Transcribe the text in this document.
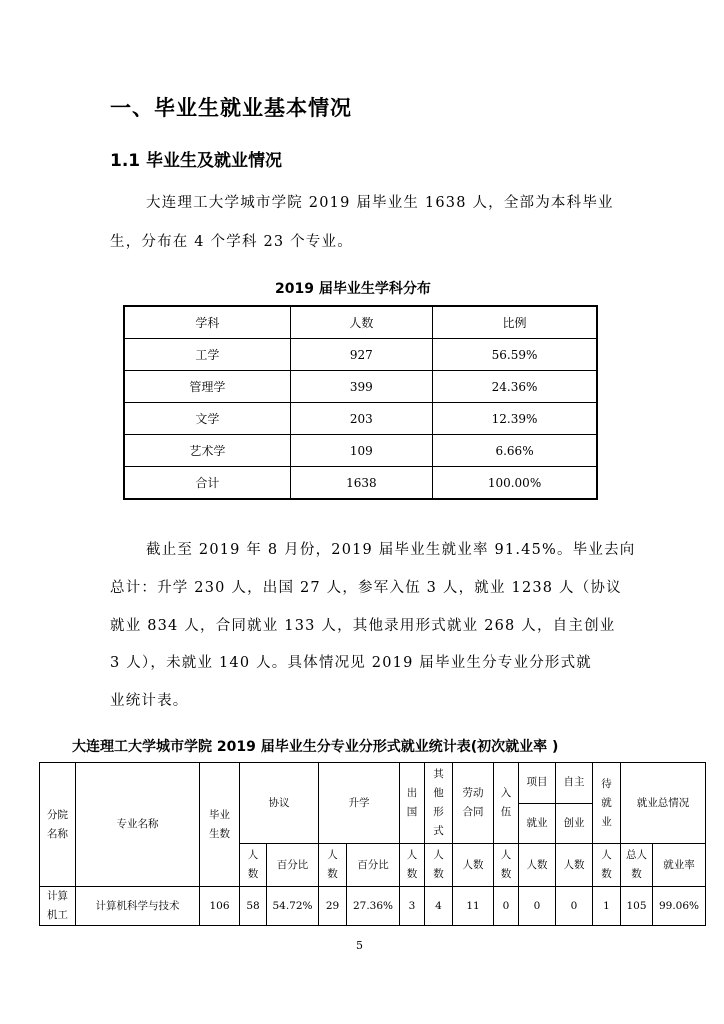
一、毕业生就业基本情况
1.1 毕业生及就业情况
大连理工大学城市学院 2019 届毕业生 1638 人，全部为本科毕业
生，分布在 4 个学科 23 个专业。
2019 届毕业生学科分布
学科	人数	比例
工学	927	56.59%
管理学	399	24.36%
文学	203	12.39%
艺术学	109	6.66%
合计	1638	100.00%
截止至 2019 年 8 月份，2019 届毕业生就业率 91.45%。毕业去向
总计：升学 230 人，出国 27 人，参军入伍 3 人，就业 1238 人（协议
就业 834 人，合同就业 133 人，其他录用形式就业 268 人，自主创业
3 人），未就业 140 人。具体情况见 2019 届毕业生分专业分形式就
业统计表。
大连理工大学城市学院 2019 届毕业生分专业分形式就业统计表(初次就业率 )
分院名称	专业名称	毕业生数	协议		升学		出国	其他形式	劳动合同	入伍	项目	自主	待就业	就业总情况	
											就业	创业			
			人数	百分比	人数	百分比	人数	人数	人数	人数	人数	人数	人数	总人数	就业率
计算机工	计算机科学与技术	106	58	54.72%	29	27.36%	3	4	11	0	0	0	1	105	99.06%
5
